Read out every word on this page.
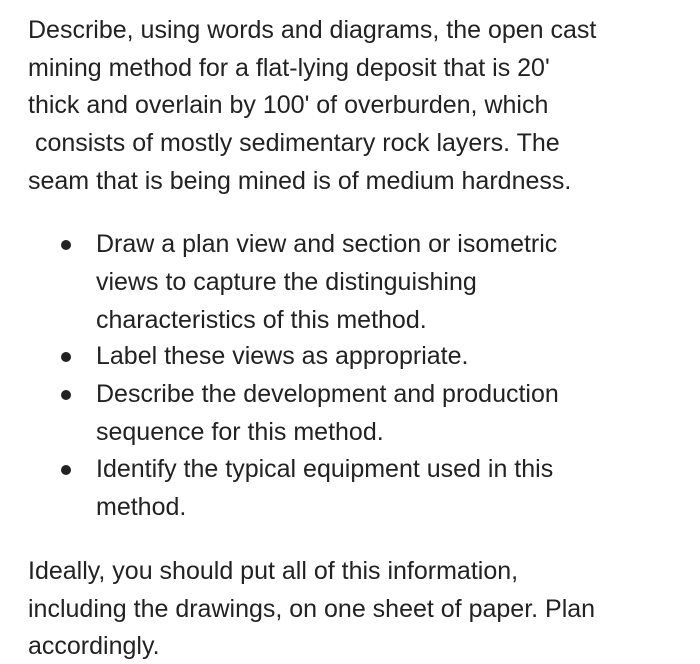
Describe, using words and diagrams, the open cast
mining method for a flat-lying deposit that is 20'
thick and overlain by 100' of overburden, which
consists of mostly sedimentary rock layers. The
seam that is being mined is of medium hardness.
Draw a plan view and section or isometric
views to capture the distinguishing
characteristics of this method.
Label these views as appropriate.
Describe the development and production
sequence for this method.
Identify the typical equipment used in this
method.
Ideally, you should put all of this information,
including the drawings, on one sheet of paper. Plan
accordingly.
